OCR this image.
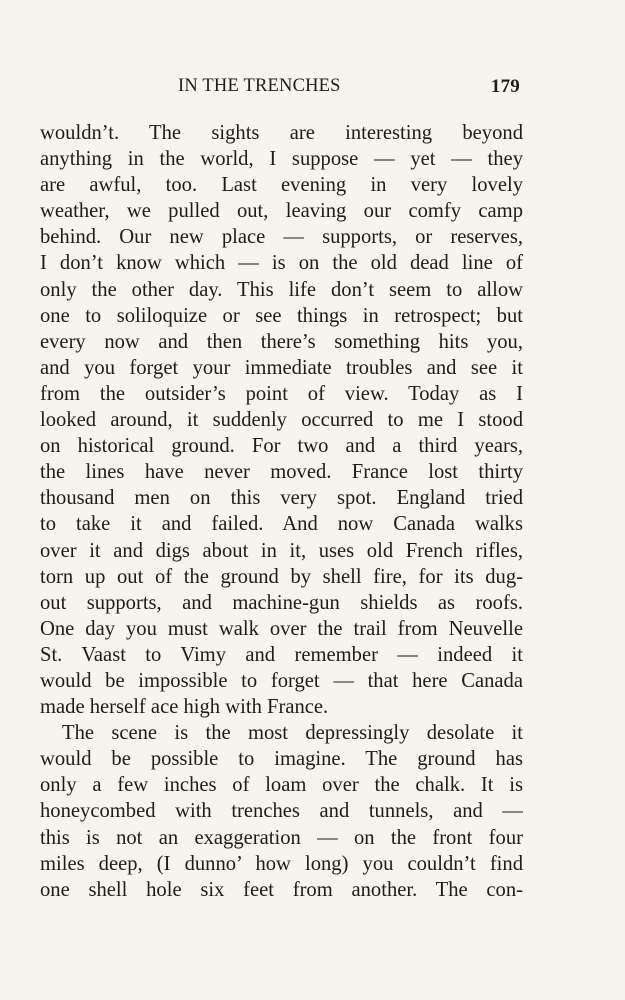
IN THE TRENCHES	179
wouldn’t. The sights are interesting beyond
anything in the world, I suppose — yet — they
are awful, too. Last evening in very lovely
weather, we pulled out, leaving our comfy camp
behind. Our new place — supports, or reserves,
I don’t know which — is on the old dead line of
only the other day. This life don’t seem to allow
one to soliloquize or see things in retrospect; but
every now and then there’s something hits you,
and you forget your immediate troubles and see it
from the outsider’s point of view. Today as I
looked around, it suddenly occurred to me I stood
on historical ground. For two and a third years,
the lines have never moved. France lost thirty
thousand men on this very spot. England tried
to take it and failed. And now Canada walks
over it and digs about in it, uses old French rifles,
torn up out of the ground by shell fire, for its dug-
out supports, and machine-gun shields as roofs.
One day you must walk over the trail from Neuvelle
St. Vaast to Vimy and remember — indeed it
would be impossible to forget — that here Canada
made herself ace high with France.
The scene is the most depressingly desolate it
would be possible to imagine. The ground has
only a few inches of loam over the chalk. It is
honeycombed with trenches and tunnels, and —
this is not an exaggeration — on the front four
miles deep, (I dunno’ how long) you couldn’t find
one shell hole six feet from another. The con-
